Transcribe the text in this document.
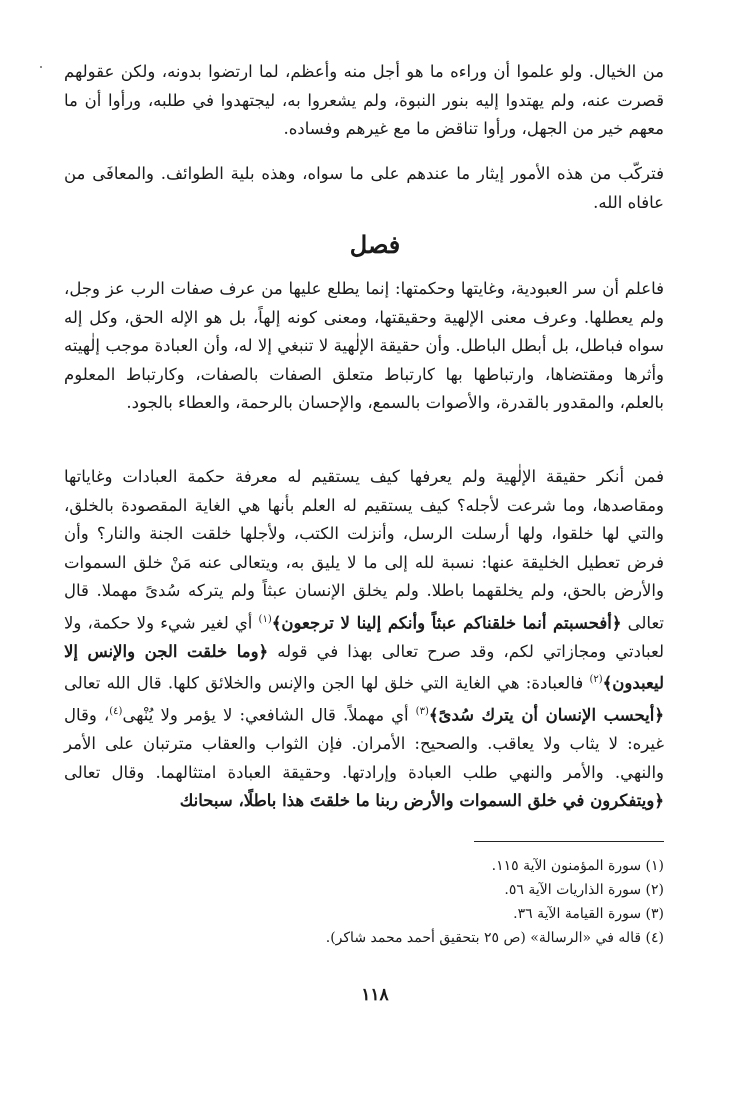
من الخيال. ولو علموا أن وراءه ما هو أجل منه وأعظم، لما ارتضوا بدونه، ولكن عقولهم قصرت عنه، ولم يهتدوا إليه بنور النبوة، ولم يشعروا به، ليجتهدوا في طلبه، ورأوا أن ما معهم خير من الجهل، ورأوا تناقض ما مع غيرهم وفساده.

فتركّب من هذه الأمور إيثار ما عندهم على ما سواه، وهذه بلية الطوائف. والمعافَى من عافاه الله.

فصل

فاعلم أن سر العبودية، وغايتها وحكمتها: إنما يطلع عليها من عرف صفات الرب عز وجل، ولم يعطلها. وعرف معنى الإلهية وحقيقتها، ومعنى كونه إلهاً، بل هو الإله الحق، وكل إله سواه فباطل، بل أبطل الباطل. وأن حقيقة الإلٰهية لا تنبغي إلا له، وأن العبادة موجب إلٰهيته وأثرها ومقتضاها، وارتباطها بها كارتباط متعلق الصفات بالصفات، وكارتباط المعلوم بالعلم، والمقدور بالقدرة، والأصوات بالسمع، والإحسان بالرحمة، والعطاء بالجود.

فمن أنكر حقيقة الإلٰهية ولم يعرفها كيف يستقيم له معرفة حكمة العبادات وغاياتها ومقاصدها، وما شرعت لأجله؟ كيف يستقيم له العلم بأنها هي الغاية المقصودة بالخلق، والتي لها خلقوا، ولها أرسلت الرسل، وأنزلت الكتب، ولأجلها خلقت الجنة والنار؟ وأن فرض تعطيل الخليقة عنها: نسبة لله إلى ما لا يليق به، ويتعالى عنه مَنْ خلق السموات والأرض بالحق، ولم يخلقهما باطلا. ولم يخلق الإنسان عبثاً ولم يتركه سُدىً مهملا. قال تعالى ﴿أفحسبتم أنما خلقناكم عبثاً وأنكم إلينا لا ترجعون﴾$^{(١)}$ أي لغير شيء ولا حكمة، ولا لعبادتي ومجازاتي لكم، وقد صرح تعالى بهذا في قوله ﴿وما خلقت الجن والإنس إلا ليعبدون﴾$^{(٢)}$ فالعبادة: هي الغاية التي خلق لها الجن والإنس والخلائق كلها. قال الله تعالى ﴿أيحسب الإنسان أن يترك سُدىً﴾$^{(٣)}$ أي مهملاً. قال الشافعي: لا يؤمر ولا يُنْهى$^{(٤)}$، وقال غيره: لا يثاب ولا يعاقب. والصحيح: الأمران. فإن الثواب والعقاب مترتبان على الأمر والنهي. والأمر والنهي طلب العبادة وإرادتها. وحقيقة العبادة امتثالهما. وقال تعالى ﴿ويتفكرون في خلق السموات والأرض ربنا ما خلقتَ هذا باطلًا، سبحانك

(١) سورة المؤمنون الآية ١١٥.
(٢) سورة الذاريات الآية ٥٦.
(٣) سورة القيامة الآية ٣٦.
(٤) قاله في «الرسالة» (ص ٢٥ بتحقيق أحمد محمد شاكر).
١١٨
